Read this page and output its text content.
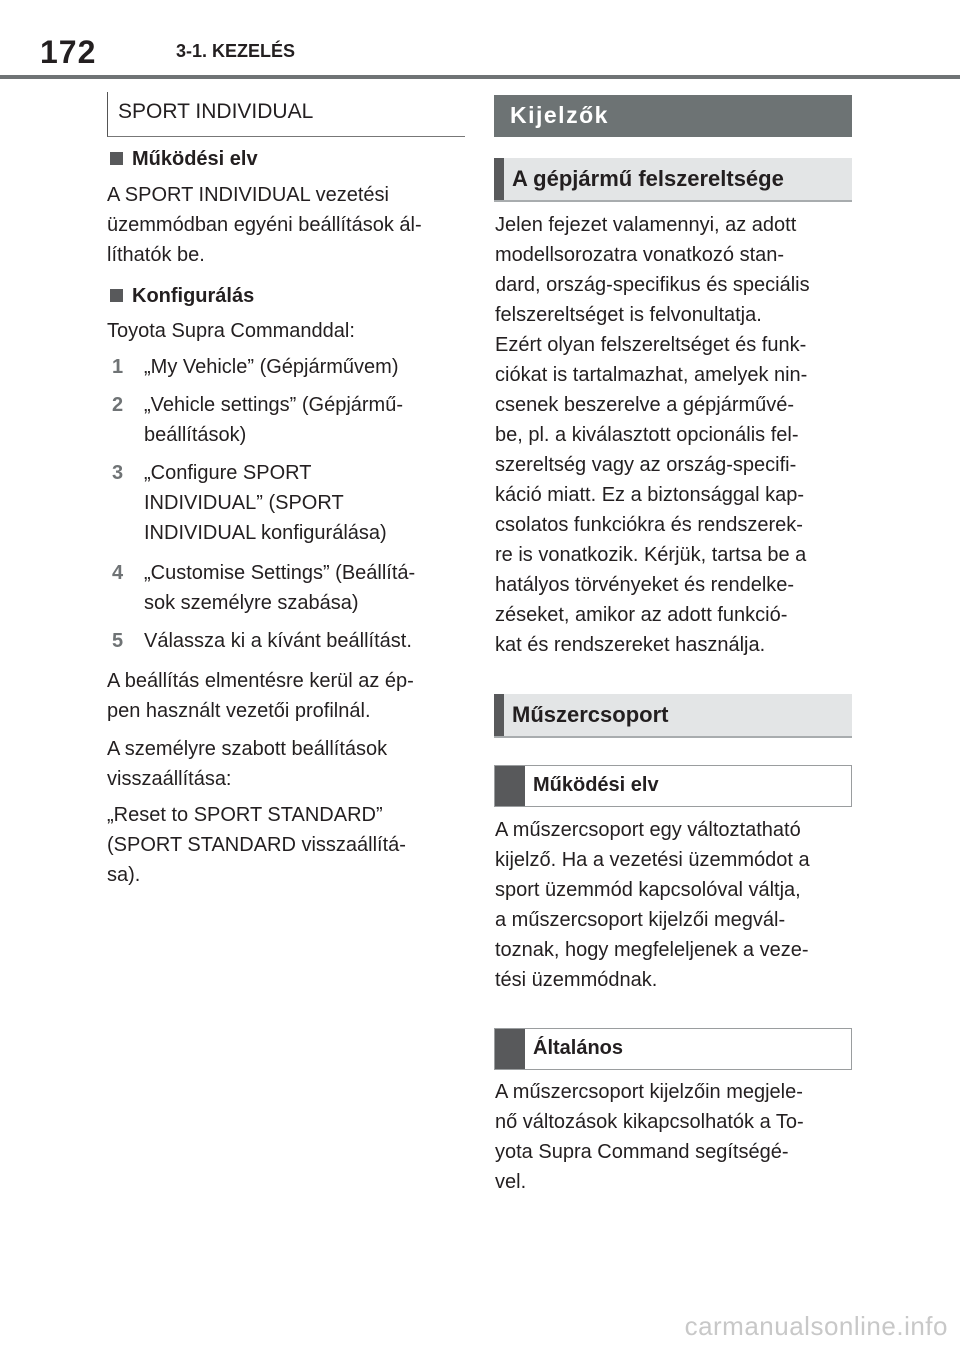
172	3-1. KEZELÉS
SPORT INDIVIDUAL
Működési elv
A SPORT INDIVIDUAL vezetési
üzemmódban egyéni beállítások ál-
líthatók be.
Konfigurálás
Toyota Supra Commanddal:
1	„My Vehicle” (Gépjárművem)
2	„Vehicle settings” (Gépjármű-
beállítások)
3	„Configure SPORT
INDIVIDUAL” (SPORT
INDIVIDUAL konfigurálása)
4	„Customise Settings” (Beállítá-
sok személyre szabása)
5	Válassza ki a kívánt beállítást.
A beállítás elmentésre kerül az ép-
pen használt vezetői profilnál.
A személyre szabott beállítások
visszaállítása:
„Reset to SPORT STANDARD”
(SPORT STANDARD visszaállítá-
sa).
Kijelzők
A gépjármű felszereltsége
Jelen fejezet valamennyi, az adott
modellsorozatra vonatkozó stan-
dard, ország-specifikus és speciális
felszereltséget is felvonultatja.
Ezért olyan felszereltséget és funk-
ciókat is tartalmazhat, amelyek nin-
csenek beszerelve a gépjárművé-
be, pl. a kiválasztott opcionális fel-
szereltség vagy az ország-specifi-
káció miatt. Ez a biztonsággal kap-
csolatos funkciókra és rendszerek-
re is vonatkozik. Kérjük, tartsa be a
hatályos törvényeket és rendelke-
zéseket, amikor az adott funkció-
kat és rendszereket használja.
Műszercsoport
Működési elv
A műszercsoport egy változtatható
kijelző. Ha a vezetési üzemmódot a
sport üzemmód kapcsolóval váltja,
a műszercsoport kijelzői megvál-
toznak, hogy megfeleljenek a veze-
tési üzemmódnak.
Általános
A műszercsoport kijelzőin megjele-
nő változások kikapcsolhatók a To-
yota Supra Command segítségé-
vel.
carmanualsonline.info
